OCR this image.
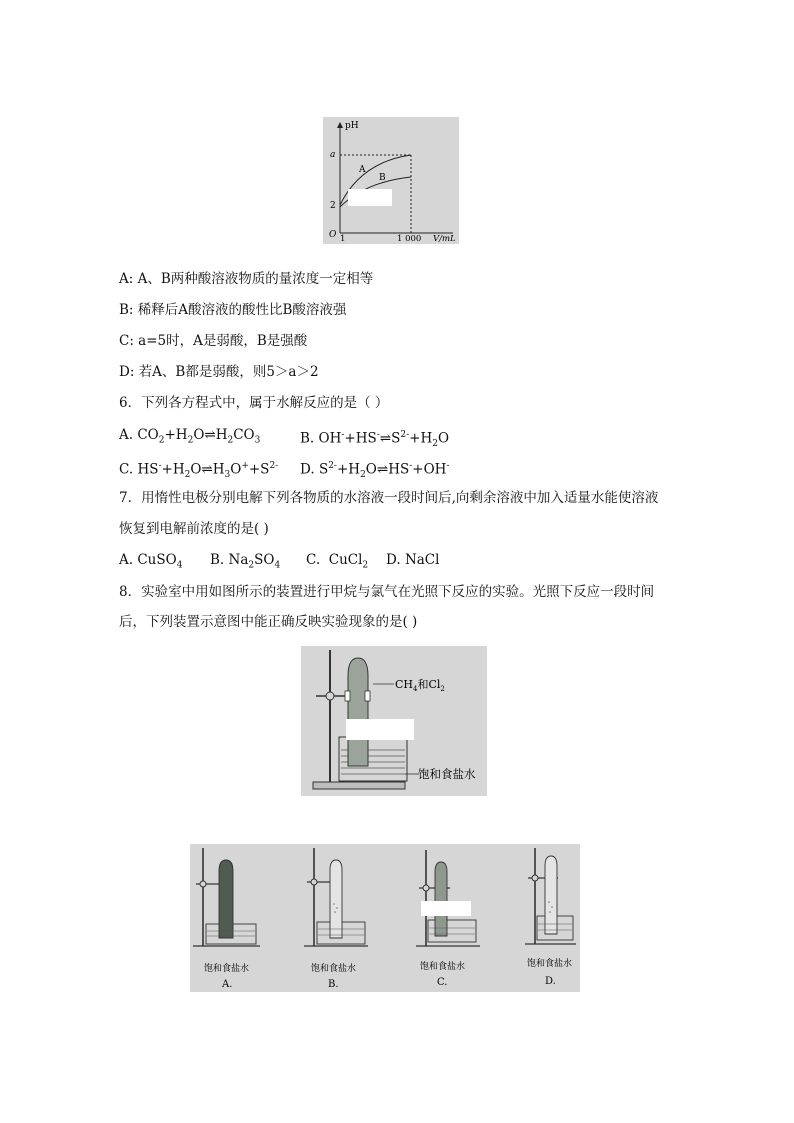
pH
a
2
O 1	1 000 V/mL
A
B
A: A、B两种酸溶液物质的量浓度一定相等
B: 稀释后A酸溶液的酸性比B酸溶液强
C: a=5时，A是弱酸，B是强酸
D: 若A、B都是弱酸，则5＞a＞2
6．下列各方程式中，属于水解反应的是（ ）
A. $CO_2+H_2O\rightleftharpoons H_2CO_3$	B. $OH^-+HS^-\rightleftharpoons S^{2-}+H_2O$
C. $HS^-+H_2O\rightleftharpoons H_3O^++S^{2-}$ D. $S^{2-}+H_2O\rightleftharpoons HS^-+OH^-$
7．用惰性电极分别电解下列各物质的水溶液一段时间后,向剩余溶液中加入适量水能使溶液
恢复到电解前浓度的是( )
A. CuSO$_4$ B. $Na_2SO_4$ C. CuCl$_2$ D. NaCl
8．实验室中用如图所示的装置进行甲烷与氯气在光照下反应的实验。光照下反应一段时间
后，下列装置示意图中能正确反映实验现象的是( )
$CH_4$和$Cl_2$
饱和食盐水
饱和食盐水
A.
饱和食盐水
B.
饱和食盐水
C.
饱和食盐水
D.
